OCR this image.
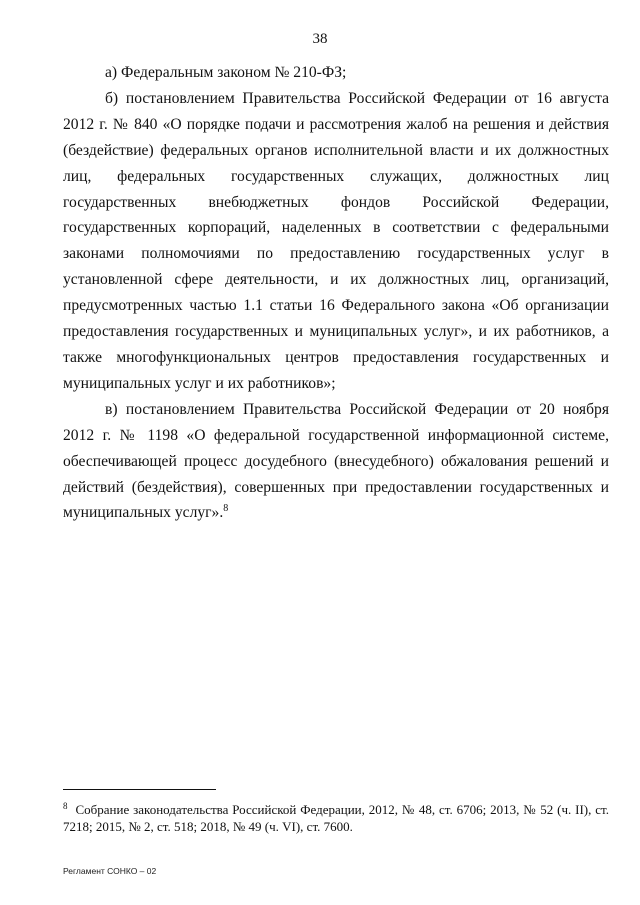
38

а) Федеральным законом № 210-ФЗ;

б) постановлением Правительства Российской Федерации от 16 августа 2012 г. № 840 «О порядке подачи и рассмотрения жалоб на решения и действия (бездействие) федеральных органов исполнительной власти и их должностных лиц, федеральных государственных служащих, должностных лиц государственных внебюджетных фондов Российской Федерации, государственных корпораций, наделенных в соответствии с федеральными законами полномочиями по предоставлению государственных услуг в установленной сфере деятельности, и их должностных лиц, организаций, предусмотренных частью 1.1 статьи 16 Федерального закона «Об организации предоставления государственных и муниципальных услуг», и их работников, а также многофункциональных центров предоставления государственных и муниципальных услуг и их работников»;

в) постановлением Правительства Российской Федерации от 20 ноября 2012 г. № 1198 «О федеральной государственной информационной системе, обеспечивающей процесс досудебного (внесудебного) обжалования решений и действий (бездействия), совершенных при предоставлении государственных и муниципальных услуг».$^8$

$^8$ Собрание законодательства Российской Федерации, 2012, № 48, ст. 6706; 2013, № 52 (ч. II), ст. 7218; 2015, № 2, ст. 518; 2018, № 49 (ч. VI), ст. 7600.
Регламент СОНКО – 02
